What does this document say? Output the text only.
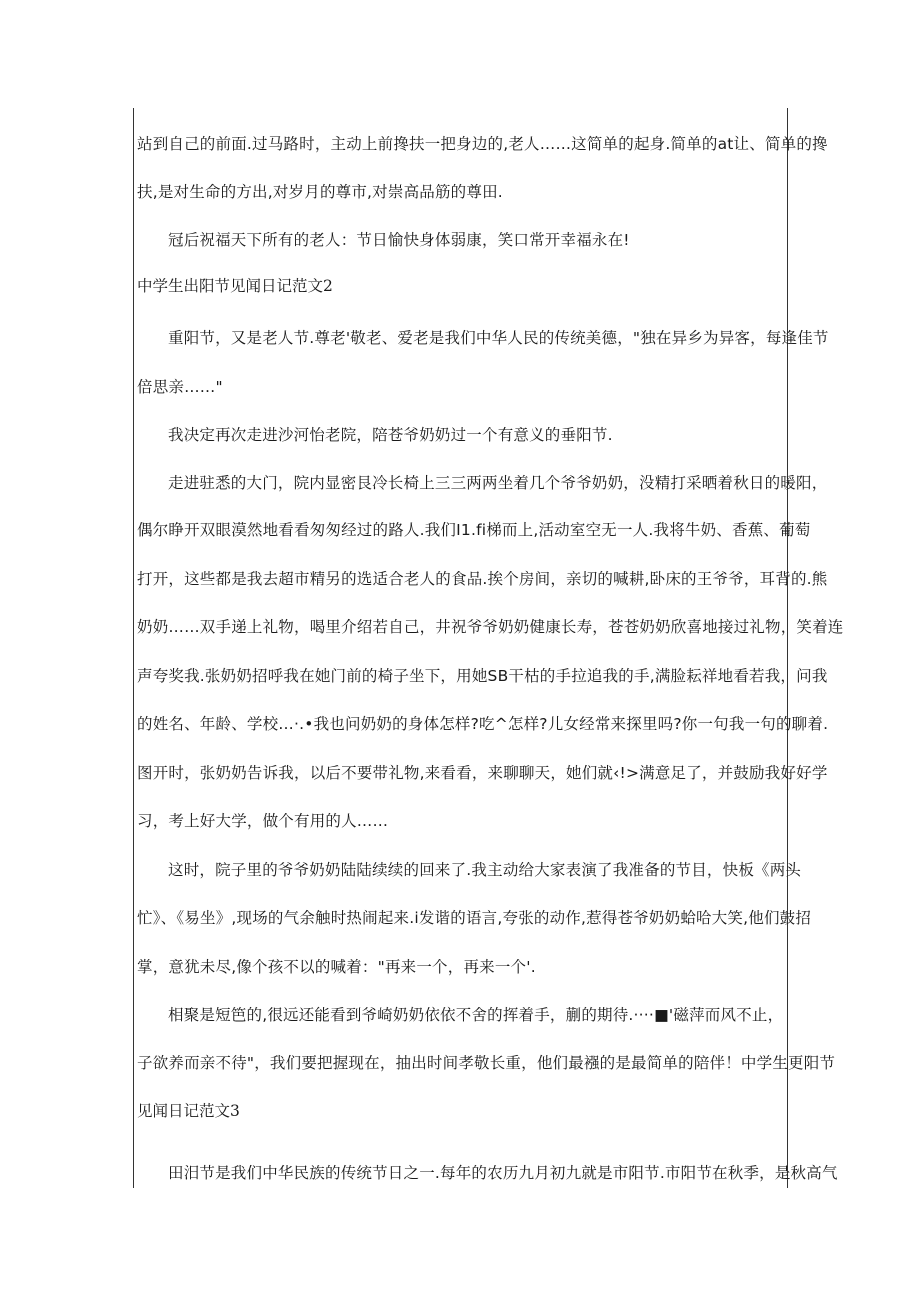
站到自己的前面.过马路时，主动上前搀扶一把身边的,老人……这简单的起身.简单的at让、简单的搀
扶,是对生命的方出,对岁月的尊市,对崇高品筋的尊田.
冠后祝福天下所有的老人：节日愉快身体弱康，笑口常开幸福永在!
中学生出阳节见闻日记范文2
重阳节，又是老人节.尊老'敬老、爱老是我们中华人民的传统美德，"独在异乡为异客，每逢佳节
倍思亲……"
我决定再次走进沙河怡老院，陪苍爷奶奶过一个有意义的垂阳节.
走进驻悉的大门，院内显密艮冷长椅上三三两两坐着几个爷爷奶奶，没精打采晒着秋日的暖阳，
偶尔睁开双眼漠然地看看匆匆经过的路人.我们I1.fi梯而上,活动室空无一人.我将牛奶、香蕉、葡萄
打开，这些都是我去超市精另的选适合老人的食品.挨个房间，亲切的喊耕,卧床的王爷爷，耳背的.熊
奶奶……双手递上礼物，喝里介绍若自己，井祝爷爷奶奶健康长寿，苍苍奶奶欣喜地接过礼物，笑着连
声夸奖我.张奶奶招呼我在她门前的椅子坐下，用她SB干枯的手拉追我的手,满脸耘祥地看若我，问我
的姓名、年龄、学校…·.•我也问奶奶的身体怎样?吃^怎样?儿女经常来探里吗?你一句我一句的聊着.
图开时，张奶奶告诉我，以后不要带礼物,来看看，来聊聊天，她们就‹!>满意足了，并鼓励我好好学
习，考上好大学，做个有用的人……
这时，院子里的爷爷奶奶陆陆续续的回来了.我主动给大家表演了我准备的节目，快板《两头
忙》、《易坐》,现场的气余触时热闹起来.i发谐的语言,夸张的动作,惹得苍爷奶奶蛤哈大笑,他们鼓招
掌，意犹未尽,像个孩不以的喊着："再来一个，再来一个'.
相聚是短笆的,很远还能看到爷崎奶奶依依不舍的挥着手，蒯的期待.····■'磁萍而风不止，
子欲养而亲不待"，我们要把握现在，抽出时间孝敬长重，他们最襁的是最简单的陪伴！中学生更阳节
见闻日记范文3
田汨节是我们中华民族的传统节日之一.每年的农历九月初九就是市阳节.市阳节在秋季，是秋高气
